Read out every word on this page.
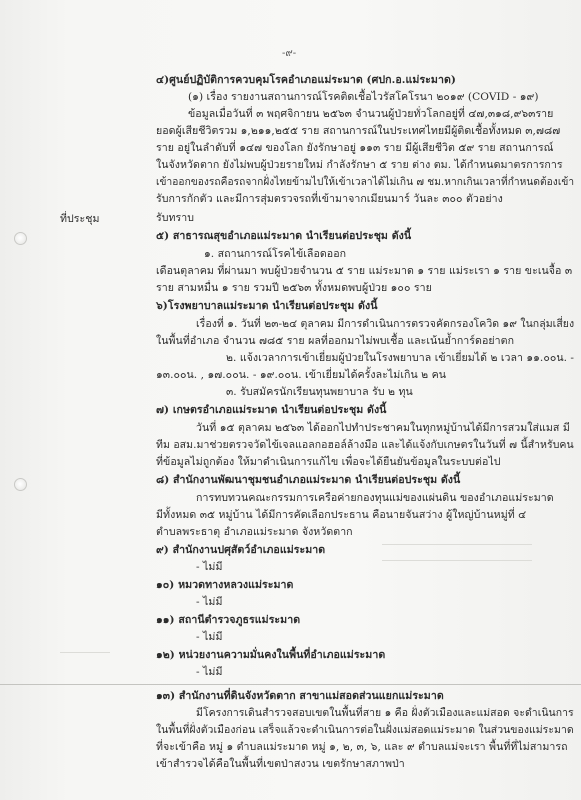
-๙-
ที่ประชุม
๔)ศูนย์ปฏิบัติการควบคุมโรคอำเภอแม่ระมาด (ศปก.อ.แม่ระมาด)
(๑) เรื่อง รายงานสถานการณ์โรคติดเชื้อไวรัสโคโรนา ๒๐๑๙ (COVID - ๑๙)
ข้อมูลเมื่อวันที่ ๓ พฤศจิกายน ๒๕๖๓ จำนวนผู้ป่วยทั่วโลกอยู่ที่ ๔๗,๓๑๘,๙๖๓ราย
ยอดผู้เสียชีวิตรวม ๑,๒๑๑,๒๕๕ ราย สถานการณ์ในประเทศไทยมีผู้ติดเชื้อทั้งหมด ๓,๗๘๗
ราย อยู่ในลำดับที่ ๑๔๗ ของโลก ยังรักษาอยู่ ๑๑๓ ราย มีผู้เสียชีวิต ๕๙ ราย สถานการณ์
ในจังหวัดตาก ยังไม่พบผู้ป่วยรายใหม่ กำลังรักษา ๕ ราย ต่าง ตม. ได้กำหนดมาตรการการ
เข้าออกของรถคือรถจากฝั่งไทยข้ามไปให้เข้าเวลาได้ไม่เกิน ๗ ชม.หากเกินเวลาที่กำหนดต้องเข้า
รับการกักตัว และมีการสุ่มตรวจรถที่เข้ามาจากเมียนมาร์ วันละ ๓๐๐ ตัวอย่าง
รับทราบ
๕) สาธารณสุขอำเภอแม่ระมาด นำเรียนต่อประชุม ดังนี้
๑. สถานการณ์โรคไข้เลือดออก
เดือนตุลาคม ที่ผ่านมา พบผู้ป่วยจำนวน ๕ ราย แม่ระมาด ๑ ราย แม่ระเรา ๑ ราย ขะเนจื้อ ๓
ราย สามหมื่น ๑ ราย รวมปี ๒๕๖๓ ทั้งหมดพบผู้ป่วย ๑๐๐ ราย
๖)โรงพยาบาลแม่ระมาด นำเรียนต่อประชุม ดังนี้
เรื่องที่ ๑. วันที่ ๒๓-๒๔ ตุลาคม มีการดำเนินการตรวจคัดกรองโควิด ๑๙ ในกลุ่มเสี่ยง
ในพื้นที่อำเภอ จำนวน ๗๘๕ ราย ผลที่ออกมาไม่พบเชื้อ และเน้นย้ำการ์ดอย่าตก
๒. แจ้งเวลาการเข้าเยี่ยมผู้ป่วยในโรงพยาบาล เข้าเยี่ยมได้ ๒ เวลา ๑๑.๐๐น. -
๑๓.๐๐น. , ๑๗.๐๐น. - ๑๙.๐๐น. เข้าเยี่ยมได้ครั้งละไม่เกิน ๒ คน
๓. รับสมัครนักเรียนทุนพยาบาล รับ ๒ ทุน
๗) เกษตรอำเภอแม่ระมาด นำเรียนต่อประชุม ดังนี้
วันที่ ๑๕ ตุลาคม ๒๕๖๓ ได้ออกไปทำประชาคมในทุกหมู่บ้านได้มีการสวมใส่แมส มี
ทีม อสม.มาช่วยตรวจวัดไข้เจลแอลกอฮอล์ล้างมือ และได้แจ้งกับเกษตรในวันที่ ๗ นี้สำหรับคน
ที่ข้อมูลไม่ถูกต้อง ให้มาดำเนินการแก้ไข เพื่อจะได้ยืนยันข้อมูลในระบบต่อไป
๘) สำนักงานพัฒนาชุมชนอำเภอแม่ระมาด นำเรียนต่อประชุม ดังนี้
การทบทวนคณะกรรมการเครือค่ายกองทุนแม่ของแผ่นดิน ของอำเภอแม่ระมาด
มีทั้งหมด ๓๕ หมู่บ้าน ได้มีการคัดเลือกประธาน คือนายจันสว่าง ผู้ใหญ่บ้านหมู่ที่ ๔
ตำบลพระธาตุ อำเภอแม่ระมาด จังหวัดตาก
๙) สำนักงานปศุสัตว์อำเภอแม่ระมาด
- ไม่มี
๑๐) หมวดทางหลวงแม่ระมาด
- ไม่มี
๑๑) สถานีตำรวจภูธรแม่ระมาด
- ไม่มี
๑๒) หน่วยงานความมั่นคงในพื้นที่อำเภอแม่ระมาด
- ไม่มี
๑๓) สำนักงานที่ดินจังหวัดตาก สาขาแม่สอดส่วนแยกแม่ระมาด
มีโครงการเดินสำรวจสอบเขตในพื้นที่สาย ๑ คือ ฝั่งตัวเมืองและแม่สอด จะดำเนินการ
ในพื้นที่ฝั่งตัวเมืองก่อน เสร็จแล้วจะดำเนินการต่อในฝั่งแม่สอดแม่ระมาด ในส่วนของแม่ระมาด
ที่จะเข้าคือ หมู่ ๑ ตำบลแม่ระมาด หมู่ ๑, ๒, ๓, ๖, และ ๙ ตำบลแม่จะเรา พื้นที่ที่ไม่สามารถ
เข้าสำรวจได้คือในพื้นที่เขตป่าสงวน เขตรักษาสภาพป่า
